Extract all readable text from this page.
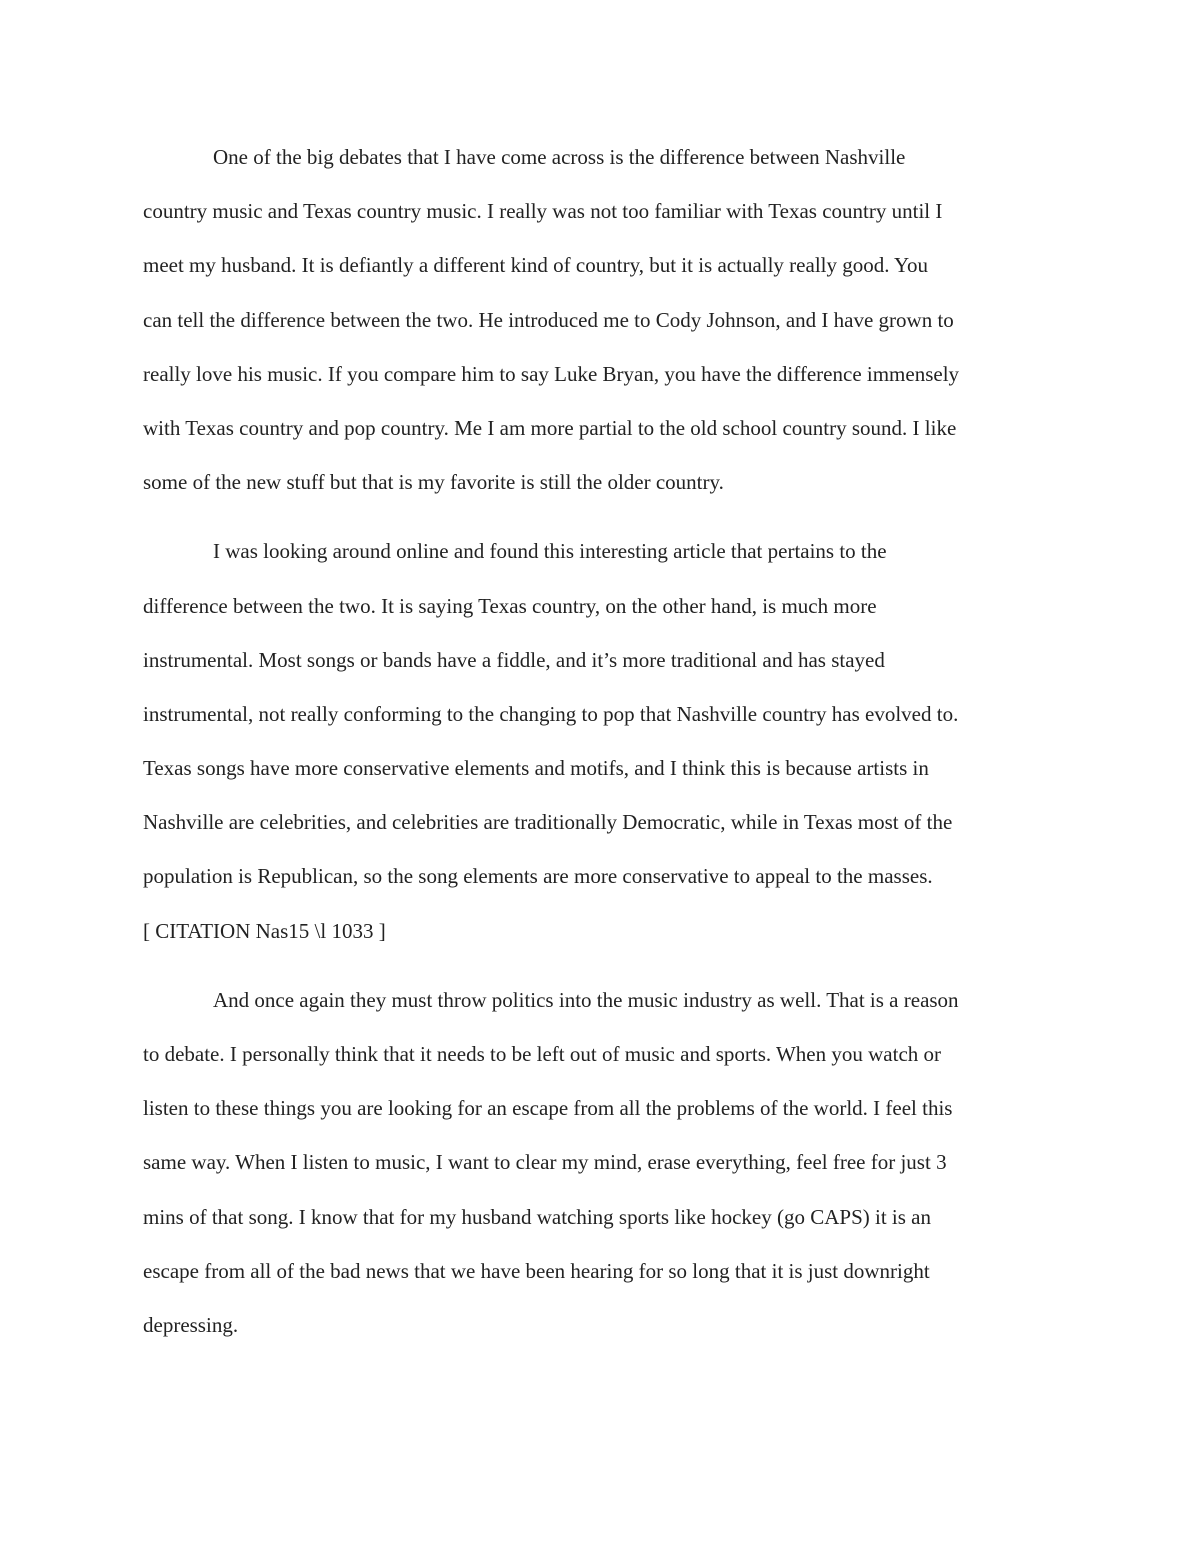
One of the big debates that I have come across is the difference between Nashville
country music and Texas country music. I really was not too familiar with Texas country until I
meet my husband. It is defiantly a different kind of country, but it is actually really good. You
can tell the difference between the two. He introduced me to Cody Johnson, and I have grown to
really love his music. If you compare him to say Luke Bryan, you have the difference immensely
with Texas country and pop country. Me I am more partial to the old school country sound. I like
some of the new stuff but that is my favorite is still the older country.
I was looking around online and found this interesting article that pertains to the
difference between the two. It is saying Texas country, on the other hand, is much more
instrumental. Most songs or bands have a fiddle, and it’s more traditional and has stayed
instrumental, not really conforming to the changing to pop that Nashville country has evolved to.
Texas songs have more conservative elements and motifs, and I think this is because artists in
Nashville are celebrities, and celebrities are traditionally Democratic, while in Texas most of the
population is Republican, so the song elements are more conservative to appeal to the masses.
[ CITATION Nas15 \l 1033 ]
And once again they must throw politics into the music industry as well. That is a reason
to debate. I personally think that it needs to be left out of music and sports. When you watch or
listen to these things you are looking for an escape from all the problems of the world. I feel this
same way. When I listen to music, I want to clear my mind, erase everything, feel free for just 3
mins of that song. I know that for my husband watching sports like hockey (go CAPS) it is an
escape from all of the bad news that we have been hearing for so long that it is just downright
depressing.
